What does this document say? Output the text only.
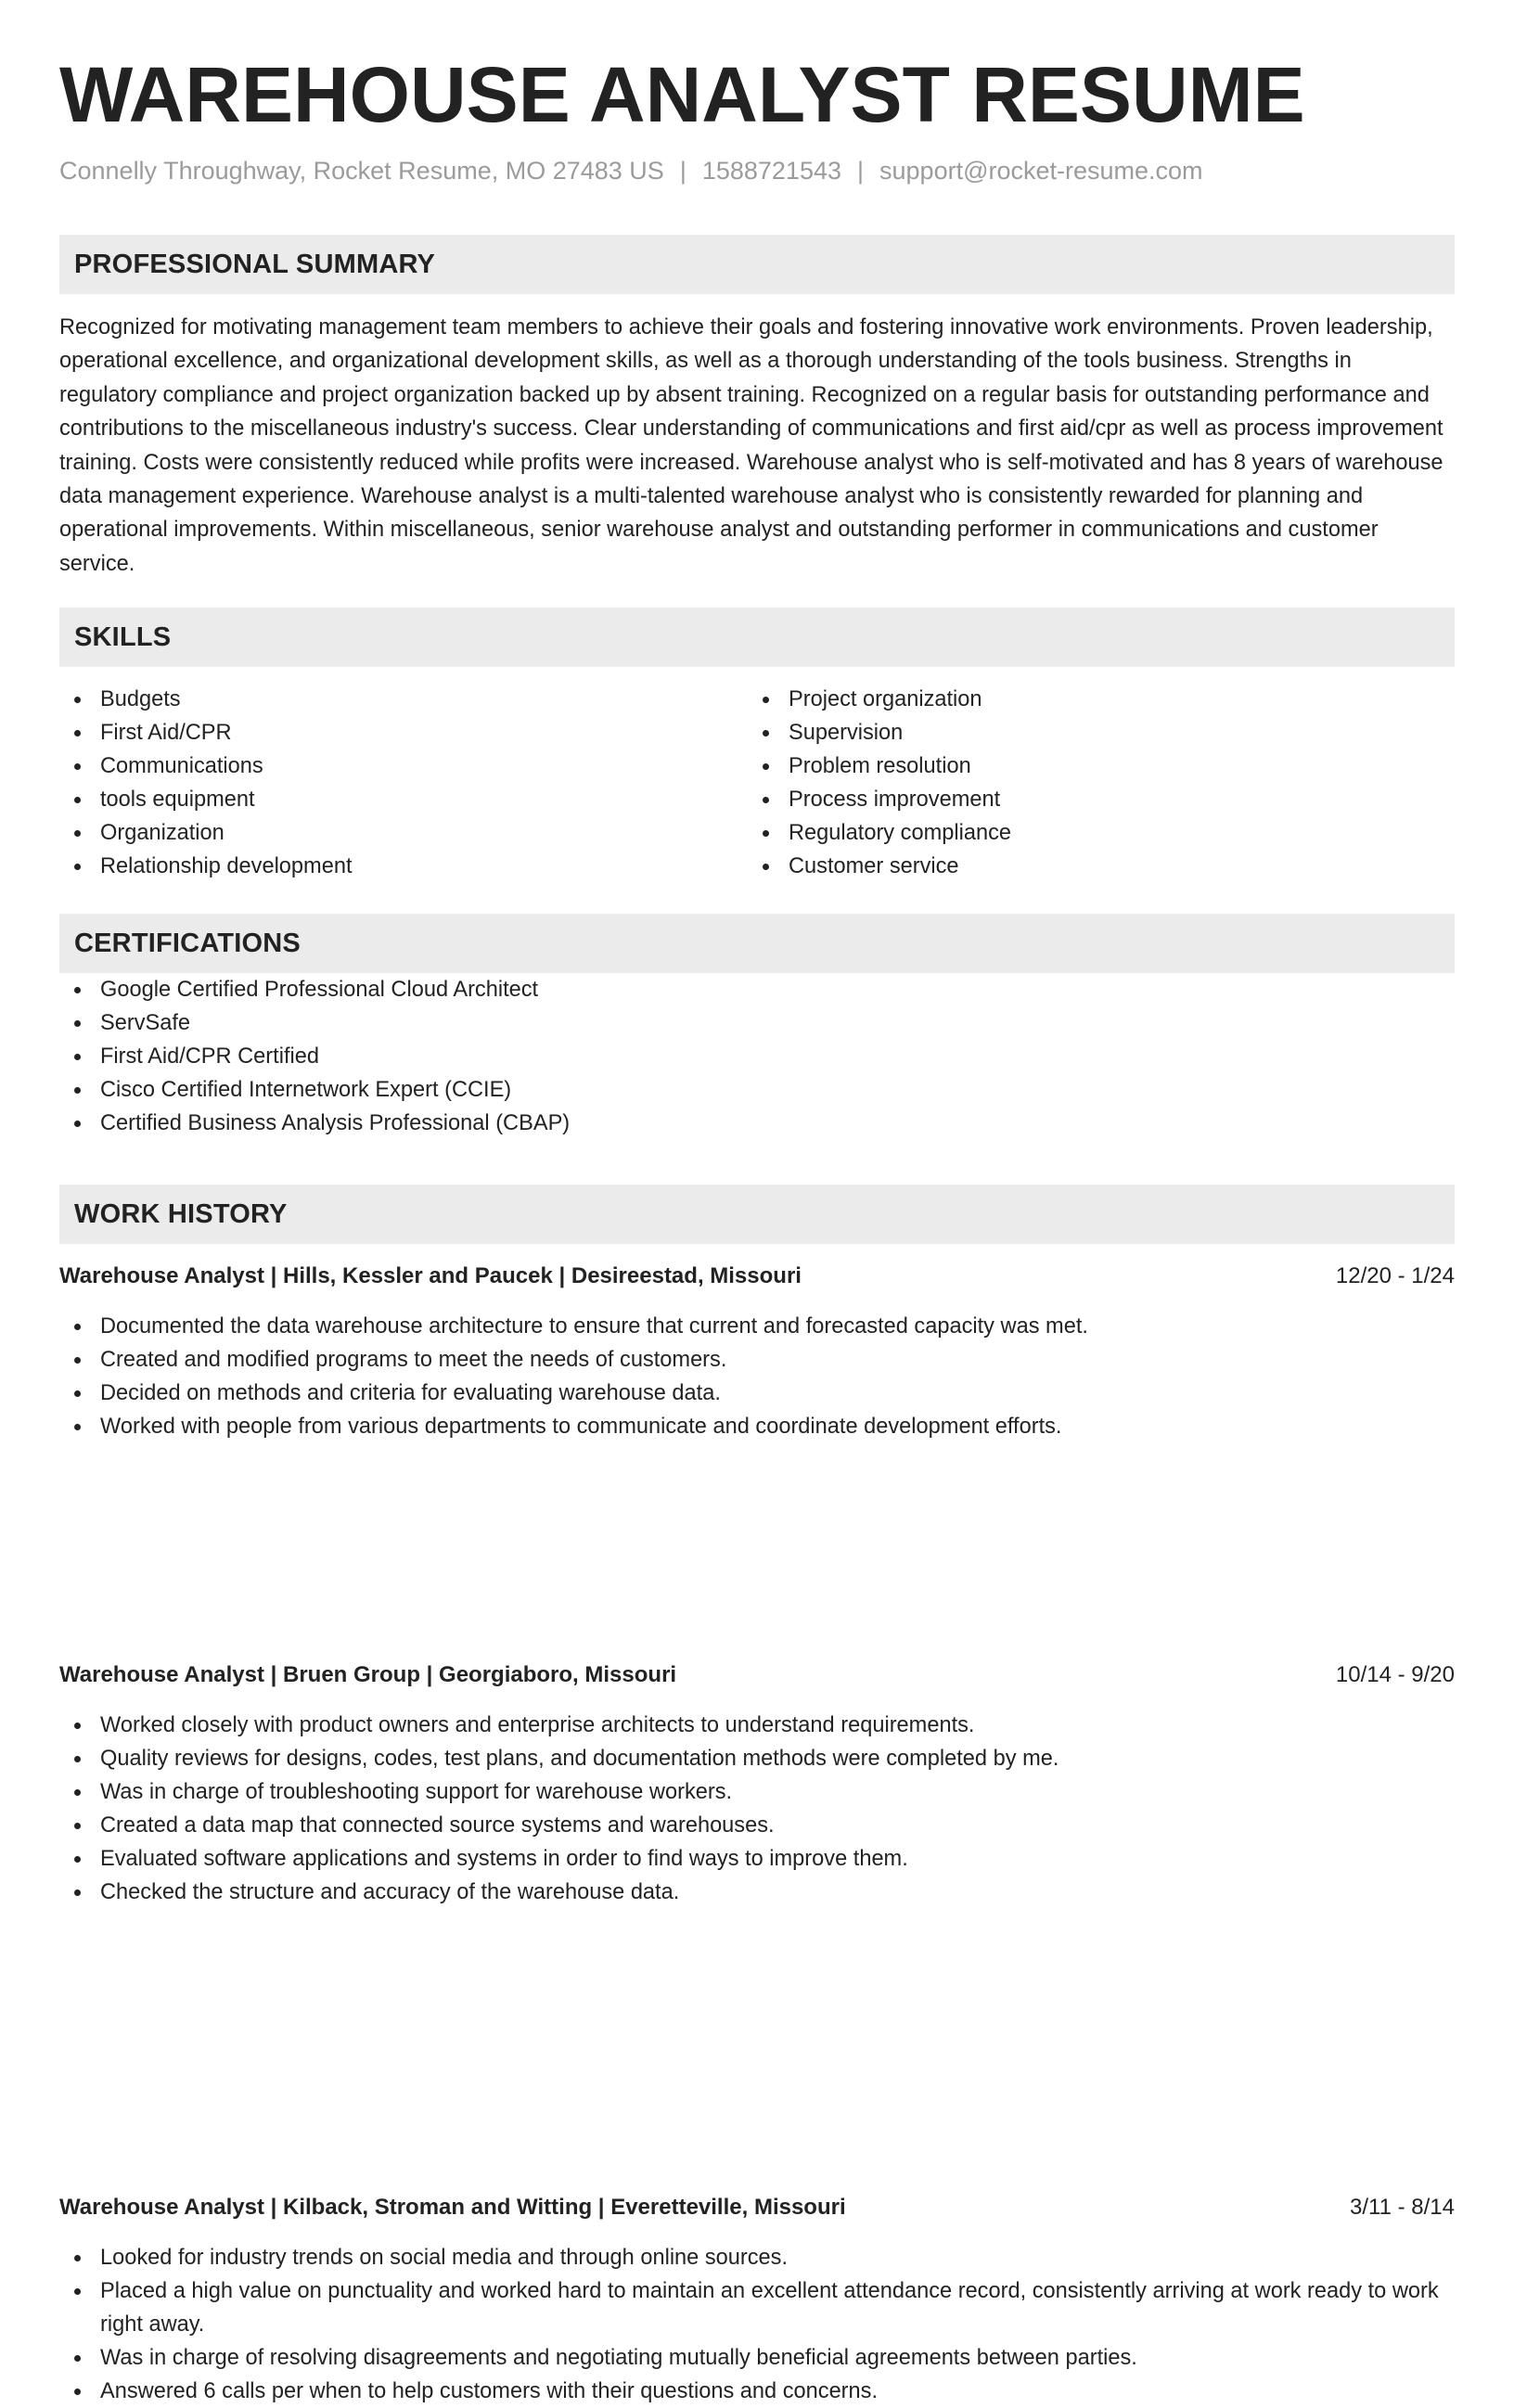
WAREHOUSE ANALYST RESUME
Connelly Throughway, Rocket Resume, MO 27483 US | 1588721543 | support@rocket-resume.com
PROFESSIONAL SUMMARY

Recognized for motivating management team members to achieve their goals and fostering innovative work environments. Proven leadership, operational excellence, and organizational development skills, as well as a thorough understanding of the tools business. Strengths in regulatory compliance and project organization backed up by absent training. Recognized on a regular basis for outstanding performance and contributions to the miscellaneous industry's success. Clear understanding of communications and first aid/cpr as well as process improvement training. Costs were consistently reduced while profits were increased. Warehouse analyst who is self-motivated and has 8 years of warehouse data management experience. Warehouse analyst is a multi-talented warehouse analyst who is consistently rewarded for planning and operational improvements. Within miscellaneous, senior warehouse analyst and outstanding performer in communications and customer service.

SKILLS
Budgets
First Aid/CPR
Communications
tools equipment
Organization
Relationship development
Project organization
Supervision
Problem resolution
Process improvement
Regulatory compliance
Customer service
CERTIFICATIONS
Google Certified Professional Cloud Architect
ServSafe
First Aid/CPR Certified
Cisco Certified Internetwork Expert (CCIE)
Certified Business Analysis Professional (CBAP)
WORK HISTORY
Warehouse Analyst | Hills, Kessler and Paucek | Desireestad, Missouri	12/20 - 1/24
Documented the data warehouse architecture to ensure that current and forecasted capacity was met.
Created and modified programs to meet the needs of customers.
Decided on methods and criteria for evaluating warehouse data.
Worked with people from various departments to communicate and coordinate development efforts.
Warehouse Analyst | Bruen Group | Georgiaboro, Missouri	10/14 - 9/20
Worked closely with product owners and enterprise architects to understand requirements.
Quality reviews for designs, codes, test plans, and documentation methods were completed by me.
Was in charge of troubleshooting support for warehouse workers.
Created a data map that connected source systems and warehouses.
Evaluated software applications and systems in order to find ways to improve them.
Checked the structure and accuracy of the warehouse data.
Warehouse Analyst | Kilback, Stroman and Witting | Everetteville, Missouri	3/11 - 8/14
Looked for industry trends on social media and through online sources.
Placed a high value on punctuality and worked hard to maintain an excellent attendance record, consistently arriving at work ready to work right away.
Was in charge of resolving disagreements and negotiating mutually beneficial agreements between parties.
Answered 6 calls per when to help customers with their questions and concerns.
